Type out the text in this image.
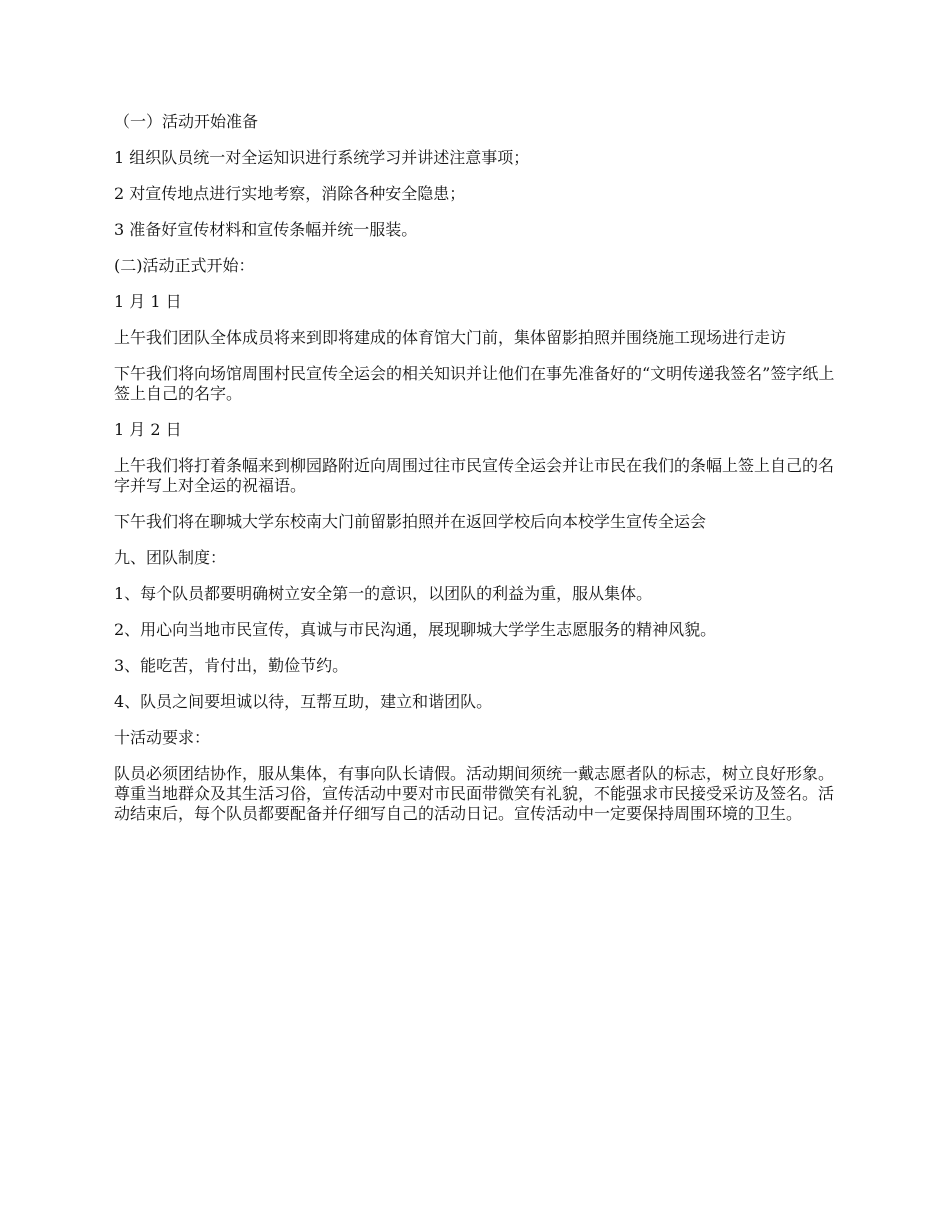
（一）活动开始准备

1 组织队员统一对全运知识进行系统学习并讲述注意事项；

2 对宣传地点进行实地考察，消除各种安全隐患；

3 准备好宣传材料和宣传条幅并统一服装。

(二)活动正式开始：

1 月 1 日

上午我们团队全体成员将来到即将建成的体育馆大门前，集体留影拍照并围绕施工现场进行走访

下午我们将向场馆周围村民宣传全运会的相关知识并让他们在事先准备好的“文明传递我签名”签字纸上签上自己的名字。

1 月 2 日

上午我们将打着条幅来到柳园路附近向周围过往市民宣传全运会并让市民在我们的条幅上签上自己的名字并写上对全运的祝福语。

下午我们将在聊城大学东校南大门前留影拍照并在返回学校后向本校学生宣传全运会

九、团队制度：

1、每个队员都要明确树立安全第一的意识，以团队的利益为重，服从集体。

2、用心向当地市民宣传，真诚与市民沟通，展现聊城大学学生志愿服务的精神风貌。

3、能吃苦，肯付出，勤俭节约。

4、队员之间要坦诚以待，互帮互助，建立和谐团队。

十活动要求：

队员必须团结协作，服从集体，有事向队长请假。活动期间须统一戴志愿者队的标志，树立良好形象。尊重当地群众及其生活习俗，宣传活动中要对市民面带微笑有礼貌，不能强求市民接受采访及签名。活动结束后，每个队员都要配备并仔细写自己的活动日记。宣传活动中一定要保持周围环境的卫生。
